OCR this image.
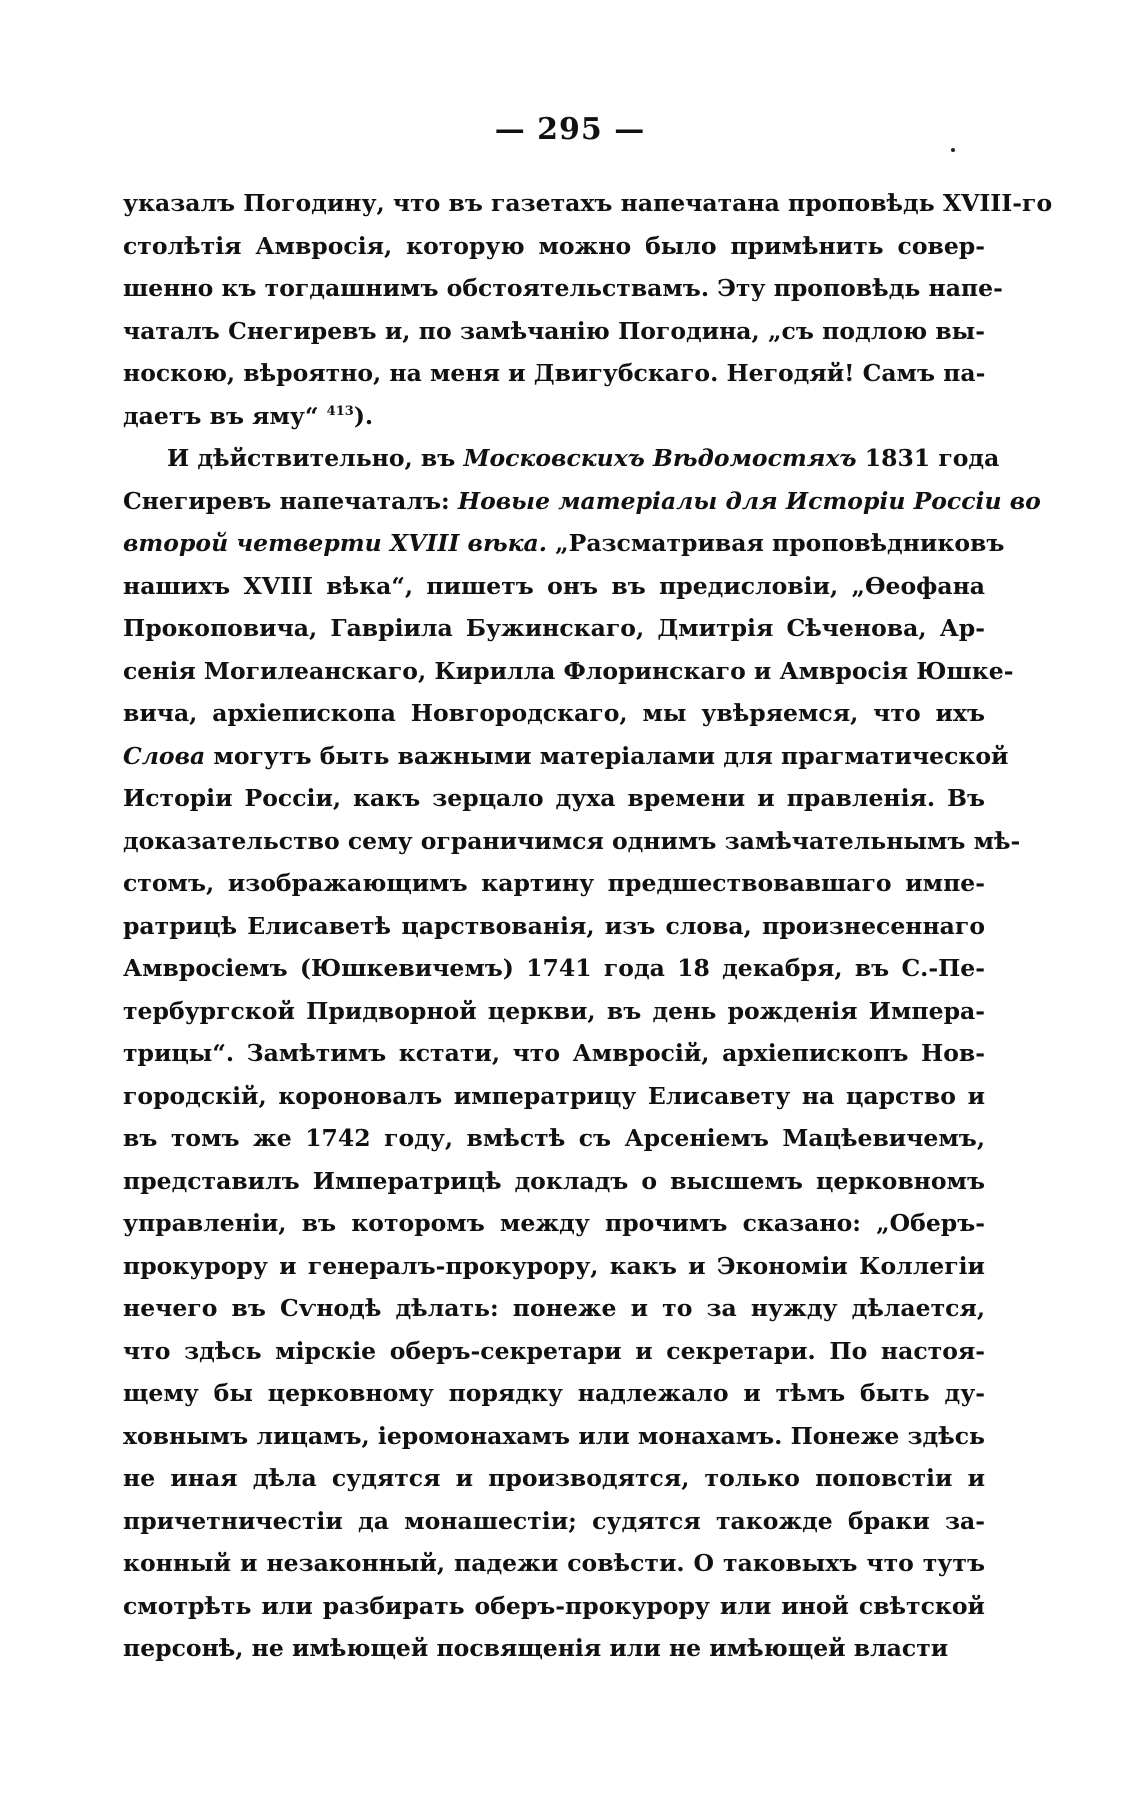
— 295 —
указалъ Погодину, что въ газетахъ напечатана проповѣдь XVIII-го
столѣтія Амвросія, которую можно было примѣнить совер-
шенно къ тогдашнимъ обстоятельствамъ. Эту проповѣдь напе-
чаталъ Снегиревъ и, по замѣчанію Погодина, „съ подлою вы-
носкою, вѣроятно, на меня и Двигубскаго. Негодяй! Самъ па-
даетъ въ яму“ $^{413}$).
И дѣйствительно, въ Московскихъ Вѣдомостяхъ 1831 года
Снегиревъ напечаталъ: Новые матеріалы для Исторіи Россіи во
второй четверти XVIII вѣка. „Разсматривая проповѣдниковъ
нашихъ XVIII вѣка“, пишетъ онъ въ предисловіи, „Ѳеофана
Прокоповича, Гавріила Бужинскаго, Дмитрія Сѣченова, Ар-
сенія Могилеанскаго, Кирилла Флоринскаго и Амвросія Юшке-
вича, архіепископа Новгородскаго, мы увѣряемся, что ихъ
Слова могутъ быть важными матеріалами для прагматической
Исторіи Россіи, какъ зерцало духа времени и правленія. Въ
доказательство сему ограничимся однимъ замѣчательнымъ мѣ-
стомъ, изображающимъ картину предшествовавшаго импе-
ратрицѣ Елисаветѣ царствованія, изъ слова, произнесеннаго
Амвросіемъ (Юшкевичемъ) 1741 года 18 декабря, въ С.-Пе-
тербургской Придворной церкви, въ день рожденія Импера-
трицы“. Замѣтимъ кстати, что Амвросій, архіепископъ Нов-
городскій, короновалъ императрицу Елисавету на царство и
въ томъ же 1742 году, вмѣстѣ съ Арсеніемъ Мацѣевичемъ,
представилъ Императрицѣ докладъ о высшемъ церковномъ
управленіи, въ которомъ между прочимъ сказано: „Оберъ-
прокурору и генералъ-прокурору, какъ и Экономіи Коллегіи
нечего въ Сѵнодѣ дѣлать: понеже и то за нужду дѣлается,
что здѣсь мірскіе оберъ-секретари и секретари. По настоя-
щему бы церковному порядку надлежало и тѣмъ быть ду-
ховнымъ лицамъ, іеромонахамъ или монахамъ. Понеже здѣсь
не иная дѣла судятся и производятся, только поповстіи и
причетничестіи да монашестіи; судятся такожде браки за-
конный и незаконный, падежи совѣсти. О таковыхъ что тутъ
смотрѣть или разбирать оберъ-прокурору или иной свѣтской
персонѣ, не имѣющей посвященія или не имѣющей власти
